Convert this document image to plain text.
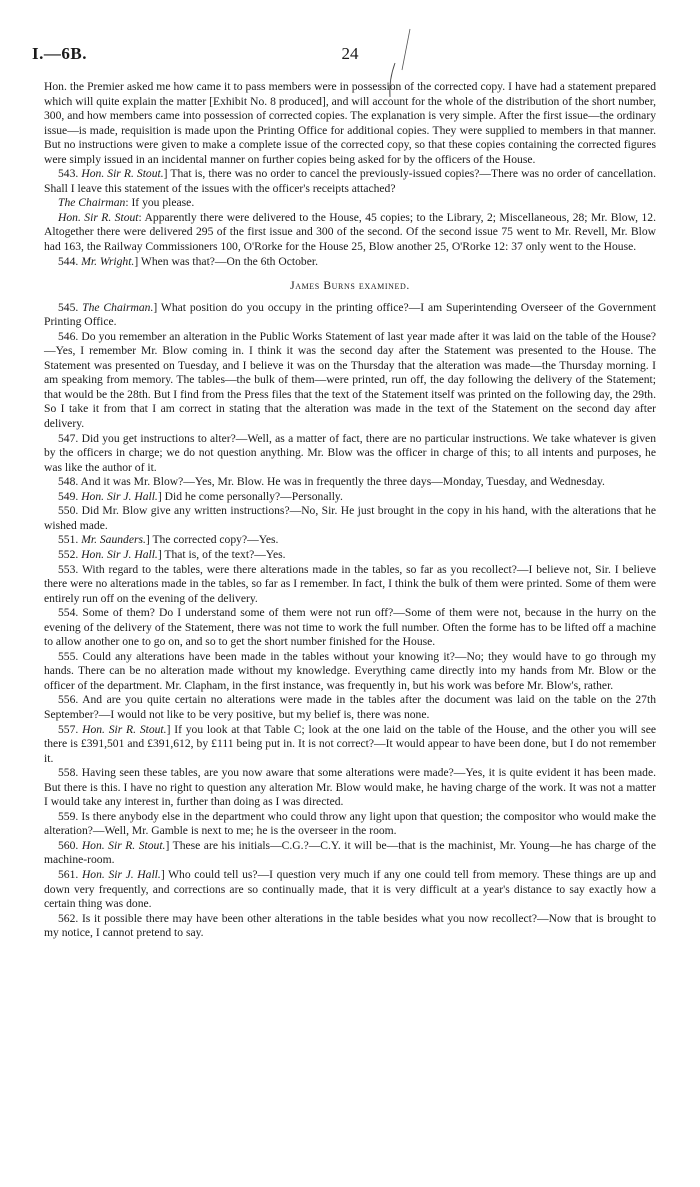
I.—6B.	24

Hon. the Premier asked me how came it to pass members were in possession of the corrected copy. I have had a statement prepared which will quite explain the matter [Exhibit No. 8 produced], and will account for the whole of the distribution of the short number, 300, and how members came into possession of corrected copies. The explanation is very simple. After the first issue—the ordinary issue—is made, requisition is made upon the Printing Office for additional copies. They were supplied to members in that manner. But no instructions were given to make a complete issue of the corrected copy, so that these copies containing the corrected figures were simply issued in an incidental manner on further copies being asked for by the officers of the House.

543. Hon. Sir R. Stout.] That is, there was no order to cancel the previously-issued copies?—There was no order of cancellation. Shall I leave this statement of the issues with the officer's receipts attached?

The Chairman: If you please.

Hon. Sir R. Stout: Apparently there were delivered to the House, 45 copies; to the Library, 2; Miscellaneous, 28; Mr. Blow, 12. Altogether there were delivered 295 of the first issue and 300 of the second. Of the second issue 75 went to Mr. Revell, Mr. Blow had 163, the Railway Commissioners 100, O'Rorke for the House 25, Blow another 25, O'Rorke 12: 37 only went to the House.

544. Mr. Wright.] When was that?—On the 6th October.

James Burns examined.

545. The Chairman.] What position do you occupy in the printing office?—I am Superintending Overseer of the Government Printing Office.

546. Do you remember an alteration in the Public Works Statement of last year made after it was laid on the table of the House?—Yes, I remember Mr. Blow coming in. I think it was the second day after the Statement was presented to the House. The Statement was presented on Tuesday, and I believe it was on the Thursday that the alteration was made—the Thursday morning. I am speaking from memory. The tables—the bulk of them—were printed, run off, the day following the delivery of the Statement; that would be the 28th. But I find from the Press files that the text of the Statement itself was printed on the following day, the 29th. So I take it from that I am correct in stating that the alteration was made in the text of the Statement on the second day after delivery.

547. Did you get instructions to alter?—Well, as a matter of fact, there are no particular instructions. We take whatever is given by the officers in charge; we do not question anything. Mr. Blow was the officer in charge of this; to all intents and purposes, he was like the author of it.

548. And it was Mr. Blow?—Yes, Mr. Blow. He was in frequently the three days—Monday, Tuesday, and Wednesday.

549. Hon. Sir J. Hall.] Did he come personally?—Personally.

550. Did Mr. Blow give any written instructions?—No, Sir. He just brought in the copy in his hand, with the alterations that he wished made.

551. Mr. Saunders.] The corrected copy?—Yes.

552. Hon. Sir J. Hall.] That is, of the text?—Yes.

553. With regard to the tables, were there alterations made in the tables, so far as you recollect?—I believe not, Sir. I believe there were no alterations made in the tables, so far as I remember. In fact, I think the bulk of them were printed. Some of them were entirely run off on the evening of the delivery.

554. Some of them? Do I understand some of them were not run off?—Some of them were not, because in the hurry on the evening of the delivery of the Statement, there was not time to work the full number. Often the forme has to be lifted off a machine to allow another one to go on, and so to get the short number finished for the House.

555. Could any alterations have been made in the tables without your knowing it?—No; they would have to go through my hands. There can be no alteration made without my knowledge. Everything came directly into my hands from Mr. Blow or the officer of the department. Mr. Clapham, in the first instance, was frequently in, but his work was before Mr. Blow's, rather.

556. And are you quite certain no alterations were made in the tables after the document was laid on the table on the 27th September?—I would not like to be very positive, but my belief is, there was none.

557. Hon. Sir R. Stout.] If you look at that Table C; look at the one laid on the table of the House, and the other you will see there is £391,501 and £391,612, by £111 being put in. It is not correct?—It would appear to have been done, but I do not remember it.

558. Having seen these tables, are you now aware that some alterations were made?—Yes, it is quite evident it has been made. But there is this. I have no right to question any alteration Mr. Blow would make, he having charge of the work. It was not a matter I would take any interest in, further than doing as I was directed.

559. Is there anybody else in the department who could throw any light upon that question; the compositor who would make the alteration?—Well, Mr. Gamble is next to me; he is the overseer in the room.

560. Hon. Sir R. Stout.] These are his initials—C.G.?—C.Y. it will be—that is the machinist, Mr. Young—he has charge of the machine-room.

561. Hon. Sir J. Hall.] Who could tell us?—I question very much if any one could tell from memory. These things are up and down very frequently, and corrections are so continually made, that it is very difficult at a year's distance to say exactly how a certain thing was done.

562. Is it possible there may have been other alterations in the table besides what you now recollect?—Now that is brought to my notice, I cannot pretend to say.
